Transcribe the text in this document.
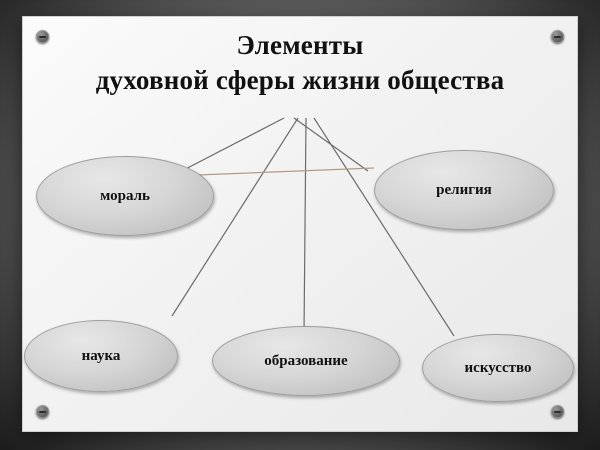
Элементы
духовной сферы жизни общества
мораль	религия
наука	образование	искусство
